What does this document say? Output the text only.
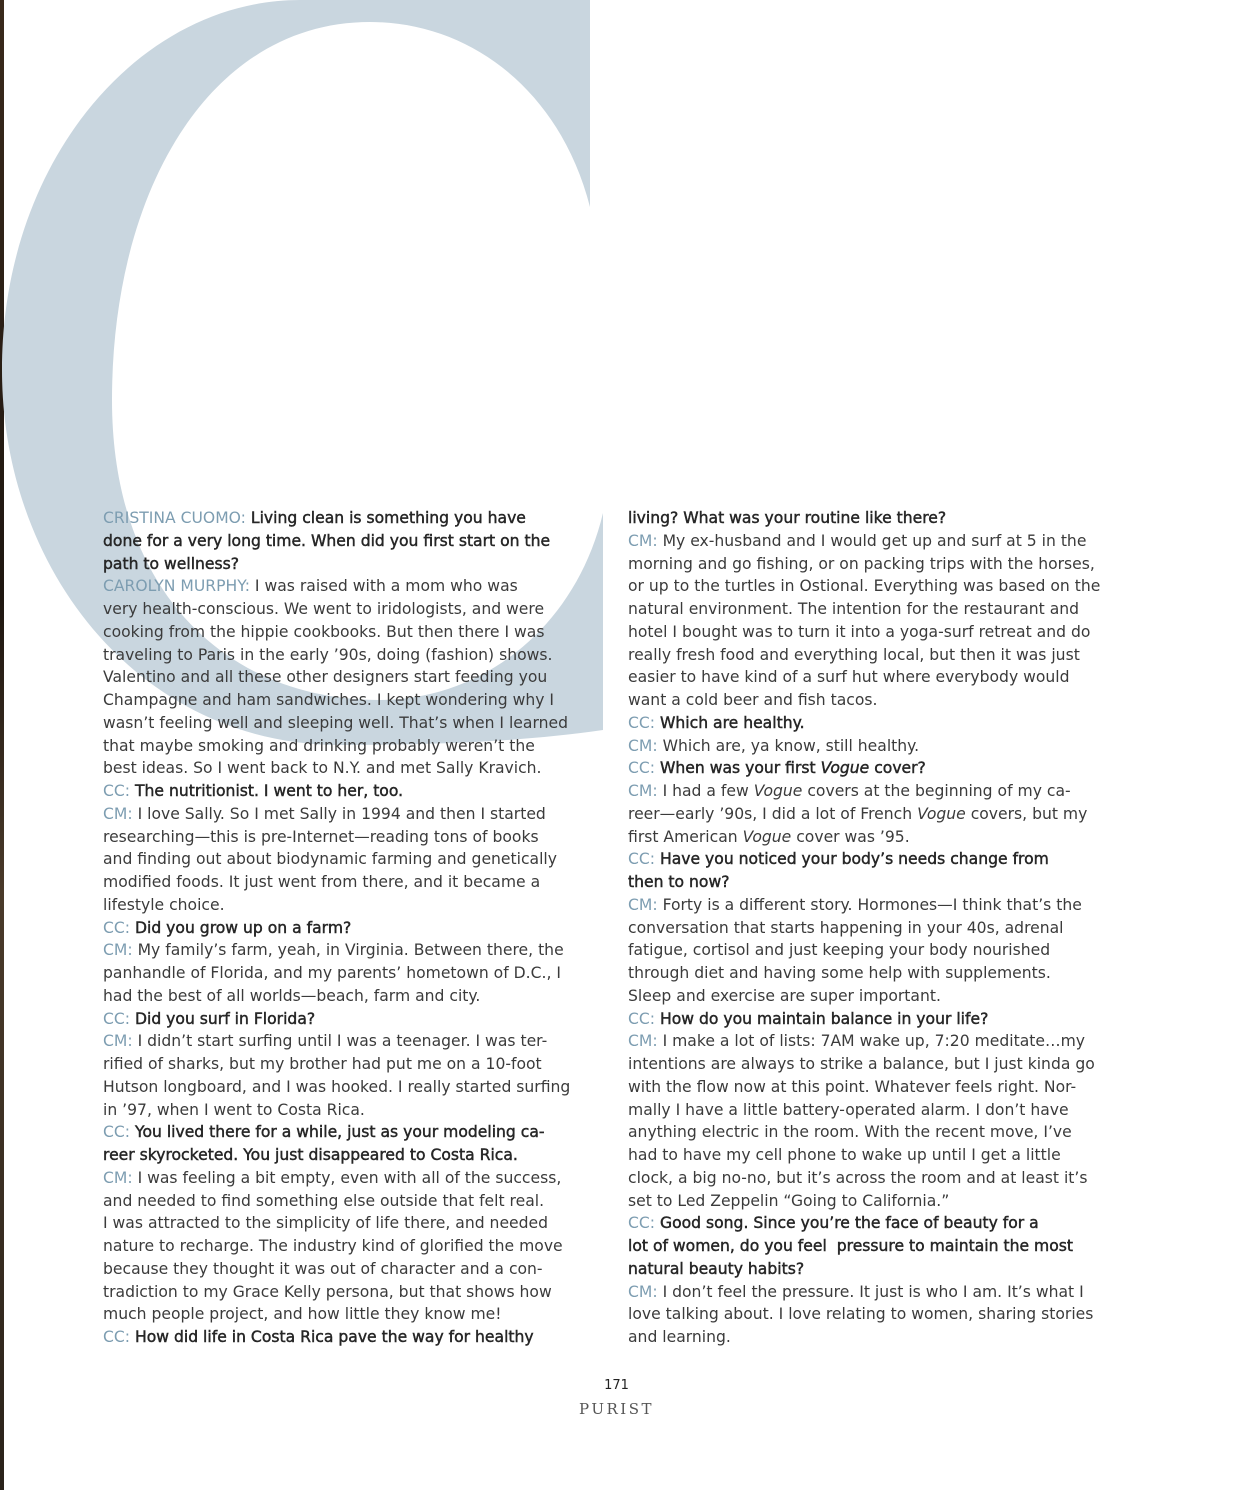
CRISTINA CUOMO: Living clean is something you have
done for a very long time. When did you first start on the
path to wellness?
CAROLYN MURPHY: I was raised with a mom who was
very health-conscious. We went to iridologists, and were
cooking from the hippie cookbooks. But then there I was
traveling to Paris in the early ’90s, doing (fashion) shows.
Valentino and all these other designers start feeding you
Champagne and ham sandwiches. I kept wondering why I
wasn’t feeling well and sleeping well. That’s when I learned
that maybe smoking and drinking probably weren’t the
best ideas. So I went back to N.Y. and met Sally Kravich.
CC: The nutritionist. I went to her, too.
CM: I love Sally. So I met Sally in 1994 and then I started
researching—this is pre-Internet—reading tons of books
and finding out about biodynamic farming and genetically
modified foods. It just went from there, and it became a
lifestyle choice.
CC: Did you grow up on a farm?
CM: My family’s farm, yeah, in Virginia. Between there, the
panhandle of Florida, and my parents’ hometown of D.C., I
had the best of all worlds—beach, farm and city.
CC: Did you surf in Florida?
CM: I didn’t start surfing until I was a teenager. I was ter-
rified of sharks, but my brother had put me on a 10-foot
Hutson longboard, and I was hooked. I really started surfing
in ’97, when I went to Costa Rica.
CC: You lived there for a while, just as your modeling ca-
reer skyrocketed. You just disappeared to Costa Rica.
CM: I was feeling a bit empty, even with all of the success,
and needed to find something else outside that felt real.
I was attracted to the simplicity of life there, and needed
nature to recharge. The industry kind of glorified the move
because they thought it was out of character and a con-
tradiction to my Grace Kelly persona, but that shows how
much people project, and how little they know me!
CC: How did life in Costa Rica pave the way for healthy
living? What was your routine like there?
CM: My ex-husband and I would get up and surf at 5 in the
morning and go fishing, or on packing trips with the horses,
or up to the turtles in Ostional. Everything was based on the
natural environment. The intention for the restaurant and
hotel I bought was to turn it into a yoga-surf retreat and do
really fresh food and everything local, but then it was just
easier to have kind of a surf hut where everybody would
want a cold beer and fish tacos.
CC: Which are healthy.
CM: Which are, ya know, still healthy.
CC: When was your first Vogue cover?
CM: I had a few Vogue covers at the beginning of my ca-
reer—early ’90s, I did a lot of French Vogue covers, but my
first American Vogue cover was ’95.
CC: Have you noticed your body’s needs change from
then to now?
CM: Forty is a different story. Hormones—I think that’s the
conversation that starts happening in your 40s, adrenal
fatigue, cortisol and just keeping your body nourished
through diet and having some help with supplements.
Sleep and exercise are super important.
CC: How do you maintain balance in your life?
CM: I make a lot of lists: 7AM wake up, 7:20 meditate…my
intentions are always to strike a balance, but I just kinda go
with the flow now at this point. Whatever feels right. Nor-
mally I have a little battery-operated alarm. I don’t have
anything electric in the room. With the recent move, I’ve
had to have my cell phone to wake up until I get a little
clock, a big no-no, but it’s across the room and at least it’s
set to Led Zeppelin “Going to California.”
CC: Good song. Since you’re the face of beauty for a
lot of women, do you feel  pressure to maintain the most
natural beauty habits?
CM: I don’t feel the pressure. It just is who I am. It’s what I
love talking about. I love relating to women, sharing stories
and learning.
171
PURIST
